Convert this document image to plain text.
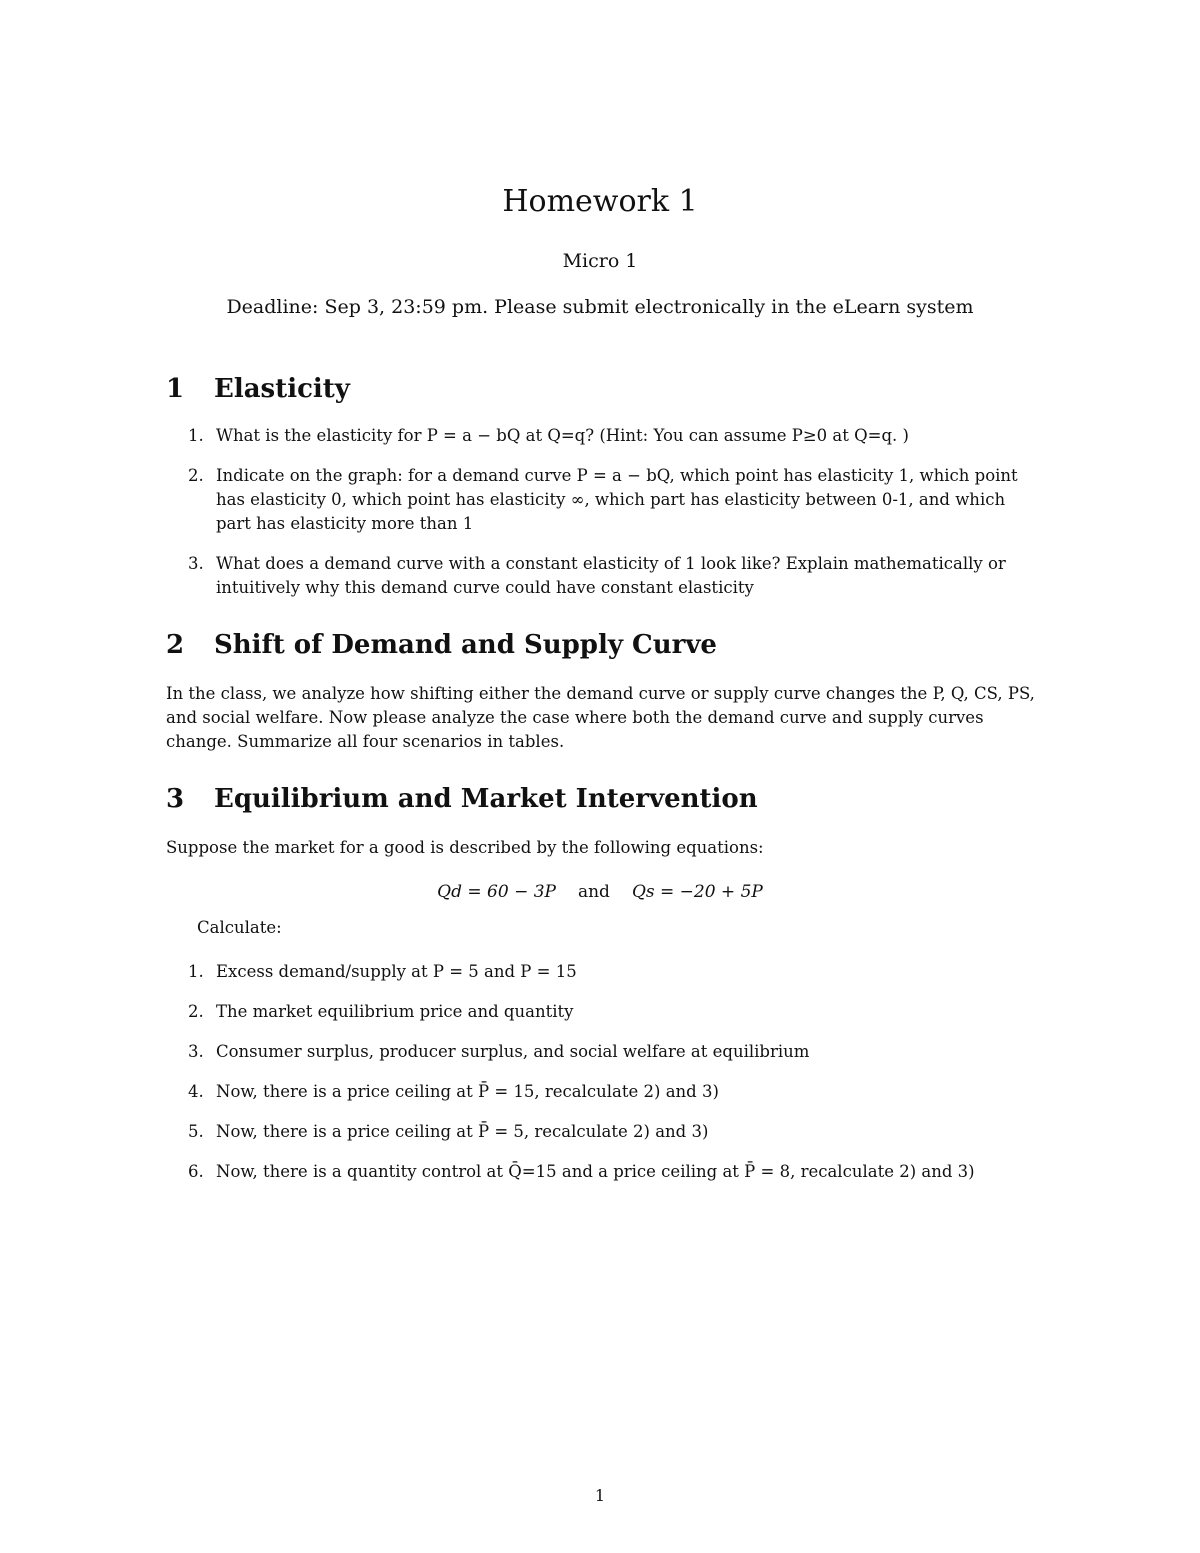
Homework 1
Micro 1
Deadline: Sep 3, 23:59 pm. Please submit electronically in the eLearn system
1 Elasticity
1. What is the elasticity for P = a − bQ at Q=q? (Hint: You can assume P≥0 at Q=q. )
2. Indicate on the graph: for a demand curve P = a − bQ, which point has elasticity 1, which point has elasticity 0, which point has elasticity ∞, which part has elasticity between 0-1, and which part has elasticity more than 1
3. What does a demand curve with a constant elasticity of 1 look like? Explain mathematically or intuitively why this demand curve could have constant elasticity
2 Shift of Demand and Supply Curve

In the class, we analyze how shifting either the demand curve or supply curve changes the P, Q, CS, PS, and social welfare. Now please analyze the case where both the demand curve and supply curves change. Summarize all four scenarios in tables.

3 Equilibrium and Market Intervention

Suppose the market for a good is described by the following equations:

Qd = 60 − 3P and Qs = −20 + 5P
Calculate:
1. Excess demand/supply at P = 5 and P = 15
2. The market equilibrium price and quantity
3. Consumer surplus, producer surplus, and social welfare at equilibrium
4. Now, there is a price ceiling at P̄ = 15, recalculate 2) and 3)
5. Now, there is a price ceiling at P̄ = 5, recalculate 2) and 3)
6. Now, there is a quantity control at Q̄=15 and a price ceiling at P̄ = 8, recalculate 2) and 3)
1
